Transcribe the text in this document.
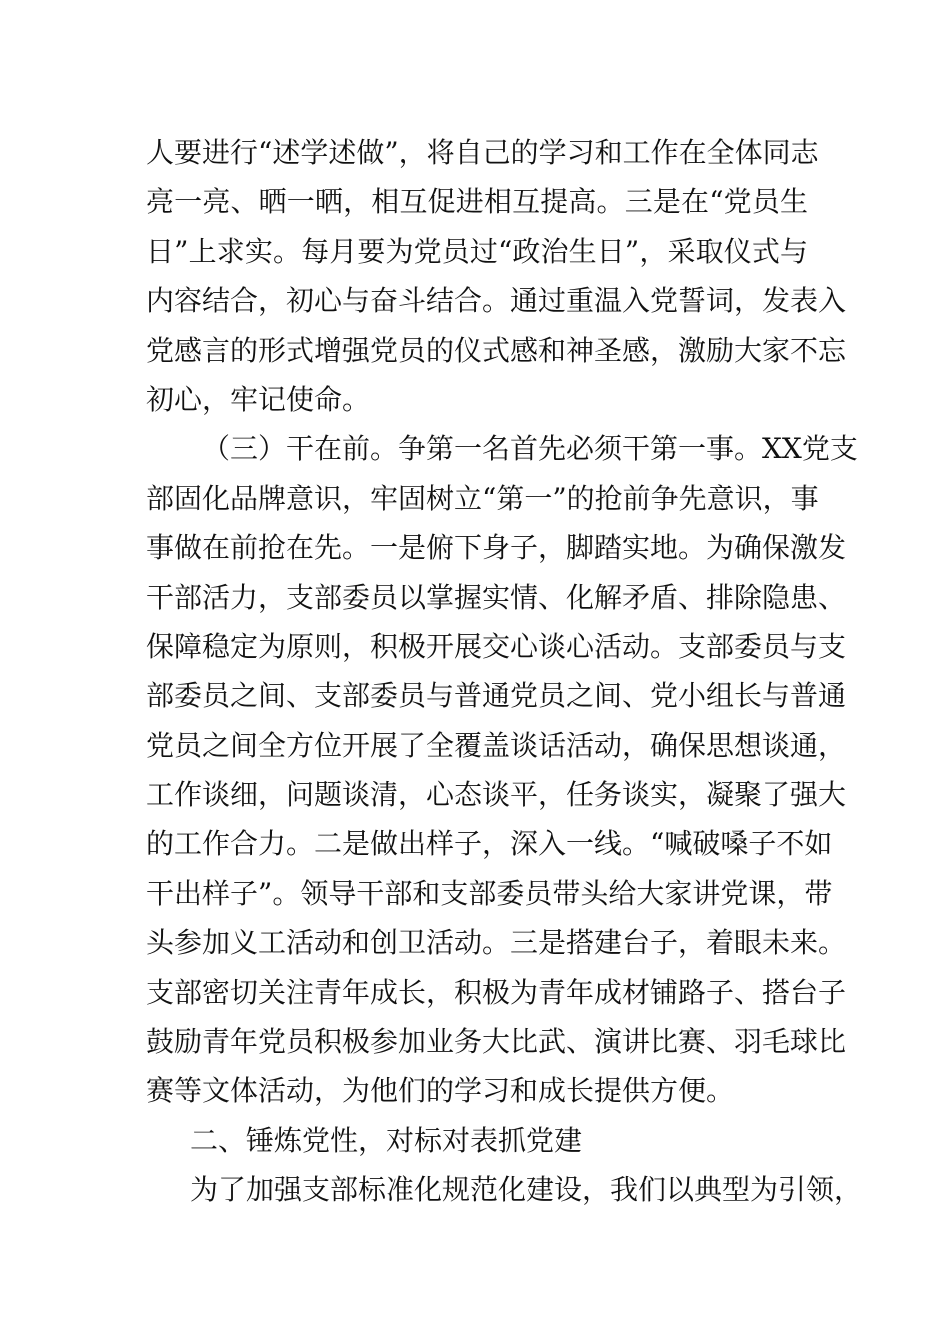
人要进行“述学述做”，将自己的学习和工作在全体同志
亮一亮、晒一晒，相互促进相互提高。三是在“党员生
日”上求实。每月要为党员过“政治生日”，采取仪式与
内容结合，初心与奋斗结合。通过重温入党誓词，发表入
党感言的形式增强党员的仪式感和神圣感，激励大家不忘
初心，牢记使命。
（三）干在前。争第一名首先必须干第一事。XX党支
部固化品牌意识，牢固树立“第一”的抢前争先意识，事
事做在前抢在先。一是俯下身子，脚踏实地。为确保激发
干部活力，支部委员以掌握实情、化解矛盾、排除隐患、
保障稳定为原则，积极开展交心谈心活动。支部委员与支
部委员之间、支部委员与普通党员之间、党小组长与普通
党员之间全方位开展了全覆盖谈话活动，确保思想谈通，
工作谈细，问题谈清，心态谈平，任务谈实，凝聚了强大
的工作合力。二是做出样子，深入一线。“喊破嗓子不如
干出样子”。领导干部和支部委员带头给大家讲党课，带
头参加义工活动和创卫活动。三是搭建台子，着眼未来。
支部密切关注青年成长，积极为青年成材铺路子、搭台子
鼓励青年党员积极参加业务大比武、演讲比赛、羽毛球比
赛等文体活动，为他们的学习和成长提供方便。
二、锤炼党性，对标对表抓党建
为了加强支部标准化规范化建设，我们以典型为引领，
